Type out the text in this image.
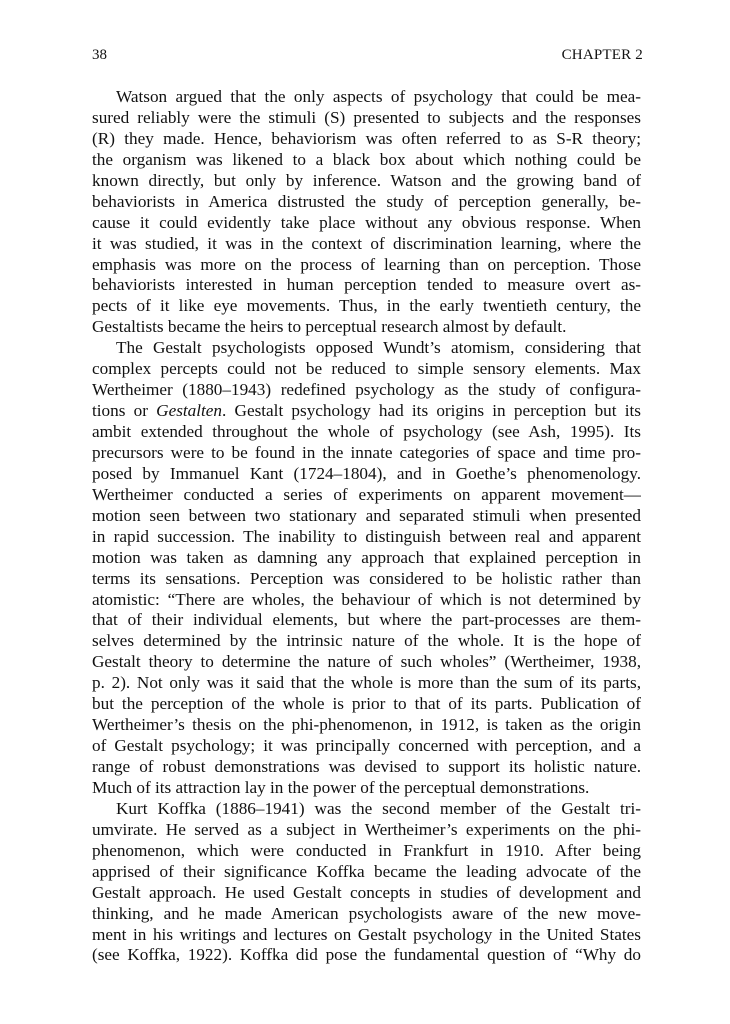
38	CHAPTER 2
Watson argued that the only aspects of psychology that could be mea-
sured reliably were the stimuli (S) presented to subjects and the responses
(R) they made. Hence, behaviorism was often referred to as S-R theory;
the organism was likened to a black box about which nothing could be
known directly, but only by inference. Watson and the growing band of
behaviorists in America distrusted the study of perception generally, be-
cause it could evidently take place without any obvious response. When
it was studied, it was in the context of discrimination learning, where the
emphasis was more on the process of learning than on perception. Those
behaviorists interested in human perception tended to measure overt as-
pects of it like eye movements. Thus, in the early twentieth century, the
Gestaltists became the heirs to perceptual research almost by default.
The Gestalt psychologists opposed Wundt’s atomism, considering that
complex percepts could not be reduced to simple sensory elements. Max
Wertheimer (1880–1943) redefined psychology as the study of configura-
tions or Gestalten. Gestalt psychology had its origins in perception but its
ambit extended throughout the whole of psychology (see Ash, 1995). Its
precursors were to be found in the innate categories of space and time pro-
posed by Immanuel Kant (1724–1804), and in Goethe’s phenomenology.
Wertheimer conducted a series of experiments on apparent movement—
motion seen between two stationary and separated stimuli when presented
in rapid succession. The inability to distinguish between real and apparent
motion was taken as damning any approach that explained perception in
terms its sensations. Perception was considered to be holistic rather than
atomistic: “There are wholes, the behaviour of which is not determined by
that of their individual elements, but where the part-processes are them-
selves determined by the intrinsic nature of the whole. It is the hope of
Gestalt theory to determine the nature of such wholes” (Wertheimer, 1938,
p. 2). Not only was it said that the whole is more than the sum of its parts,
but the perception of the whole is prior to that of its parts. Publication of
Wertheimer’s thesis on the phi-phenomenon, in 1912, is taken as the origin
of Gestalt psychology; it was principally concerned with perception, and a
range of robust demonstrations was devised to support its holistic nature.
Much of its attraction lay in the power of the perceptual demonstrations.
Kurt Koffka (1886–1941) was the second member of the Gestalt tri-
umvirate. He served as a subject in Wertheimer’s experiments on the phi-
phenomenon, which were conducted in Frankfurt in 1910. After being
apprised of their significance Koffka became the leading advocate of the
Gestalt approach. He used Gestalt concepts in studies of development and
thinking, and he made American psychologists aware of the new move-
ment in his writings and lectures on Gestalt psychology in the United States
(see Koffka, 1922). Koffka did pose the fundamental question of “Why do
